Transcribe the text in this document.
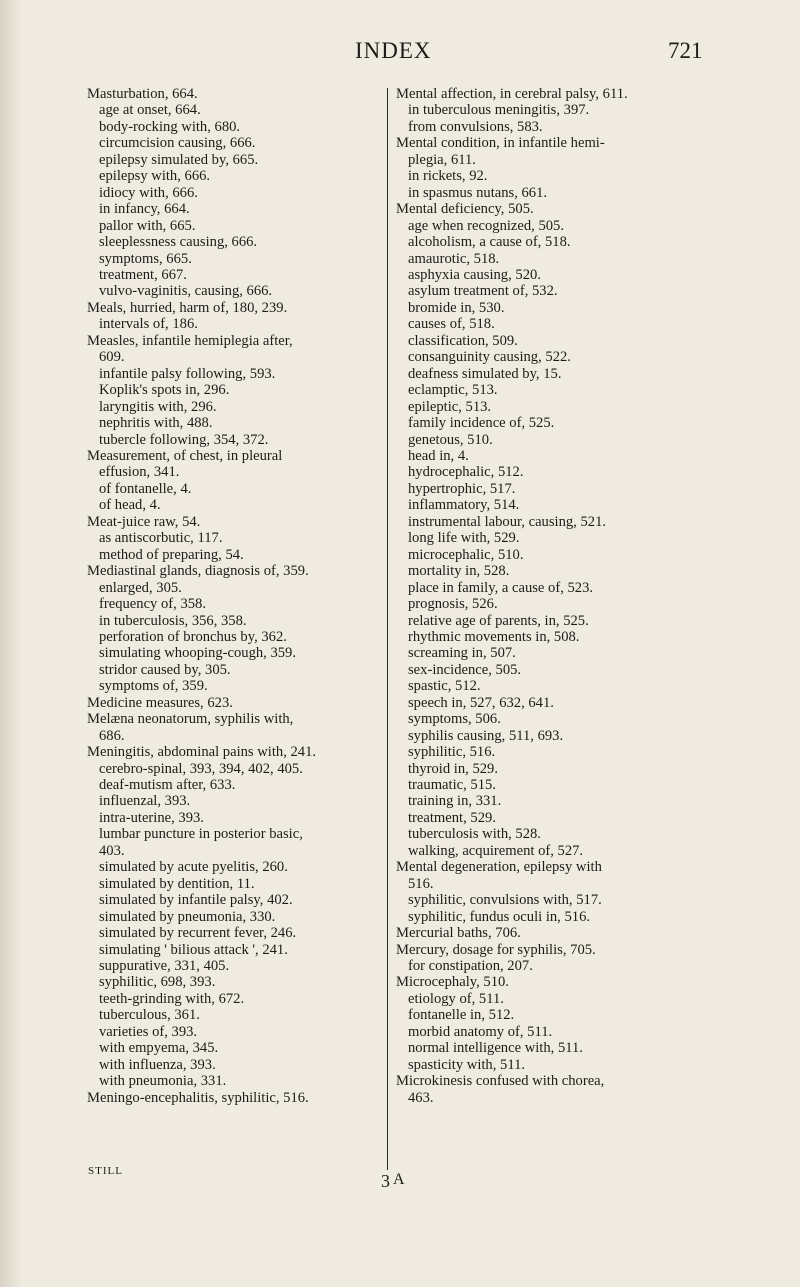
INDEX	721
Masturbation, 664.
age at onset, 664.
body-rocking with, 680.
circumcision causing, 666.
epilepsy simulated by, 665.
epilepsy with, 666.
idiocy with, 666.
in infancy, 664.
pallor with, 665.
sleeplessness causing, 666.
symptoms, 665.
treatment, 667.
vulvo-vaginitis, causing, 666.
Meals, hurried, harm of, 180, 239.
intervals of, 186.
Measles, infantile hemiplegia after,
609.
infantile palsy following, 593.
Koplik's spots in, 296.
laryngitis with, 296.
nephritis with, 488.
tubercle following, 354, 372.
Measurement, of chest, in pleural
effusion, 341.
of fontanelle, 4.
of head, 4.
Meat-juice raw, 54.
as antiscorbutic, 117.
method of preparing, 54.
Mediastinal glands, diagnosis of, 359.
enlarged, 305.
frequency of, 358.
in tuberculosis, 356, 358.
perforation of bronchus by, 362.
simulating whooping-cough, 359.
stridor caused by, 305.
symptoms of, 359.
Medicine measures, 623.
Melæna neonatorum, syphilis with,
686.
Meningitis, abdominal pains with, 241.
cerebro-spinal, 393, 394, 402, 405.
deaf-mutism after, 633.
influenzal, 393.
intra-uterine, 393.
lumbar puncture in posterior basic,
403.
simulated by acute pyelitis, 260.
simulated by dentition, 11.
simulated by infantile palsy, 402.
simulated by pneumonia, 330.
simulated by recurrent fever, 246.
simulating ' bilious attack ', 241.
suppurative, 331, 405.
syphilitic, 698, 393.
teeth-grinding with, 672.
tuberculous, 361.
varieties of, 393.
with empyema, 345.
with influenza, 393.
with pneumonia, 331.
Meningo-encephalitis, syphilitic, 516.
Mental affection, in cerebral palsy, 611.
in tuberculous meningitis, 397.
from convulsions, 583.
Mental condition, in infantile hemi-
plegia, 611.
in rickets, 92.
in spasmus nutans, 661.
Mental deficiency, 505.
age when recognized, 505.
alcoholism, a cause of, 518.
amaurotic, 518.
asphyxia causing, 520.
asylum treatment of, 532.
bromide in, 530.
causes of, 518.
classification, 509.
consanguinity causing, 522.
deafness simulated by, 15.
eclamptic, 513.
epileptic, 513.
family incidence of, 525.
genetous, 510.
head in, 4.
hydrocephalic, 512.
hypertrophic, 517.
inflammatory, 514.
instrumental labour, causing, 521.
long life with, 529.
microcephalic, 510.
mortality in, 528.
place in family, a cause of, 523.
prognosis, 526.
relative age of parents, in, 525.
rhythmic movements in, 508.
screaming in, 507.
sex-incidence, 505.
spastic, 512.
speech in, 527, 632, 641.
symptoms, 506.
syphilis causing, 511, 693.
syphilitic, 516.
thyroid in, 529.
traumatic, 515.
training in, 331.
treatment, 529.
tuberculosis with, 528.
walking, acquirement of, 527.
Mental degeneration, epilepsy with
516.
syphilitic, convulsions with, 517.
syphilitic, fundus oculi in, 516.
Mercurial baths, 706.
Mercury, dosage for syphilis, 705.
for constipation, 207.
Microcephaly, 510.
etiology of, 511.
fontanelle in, 512.
morbid anatomy of, 511.
normal intelligence with, 511.
spasticity with, 511.
Microkinesis confused with chorea,
463.
STILL	3 A
